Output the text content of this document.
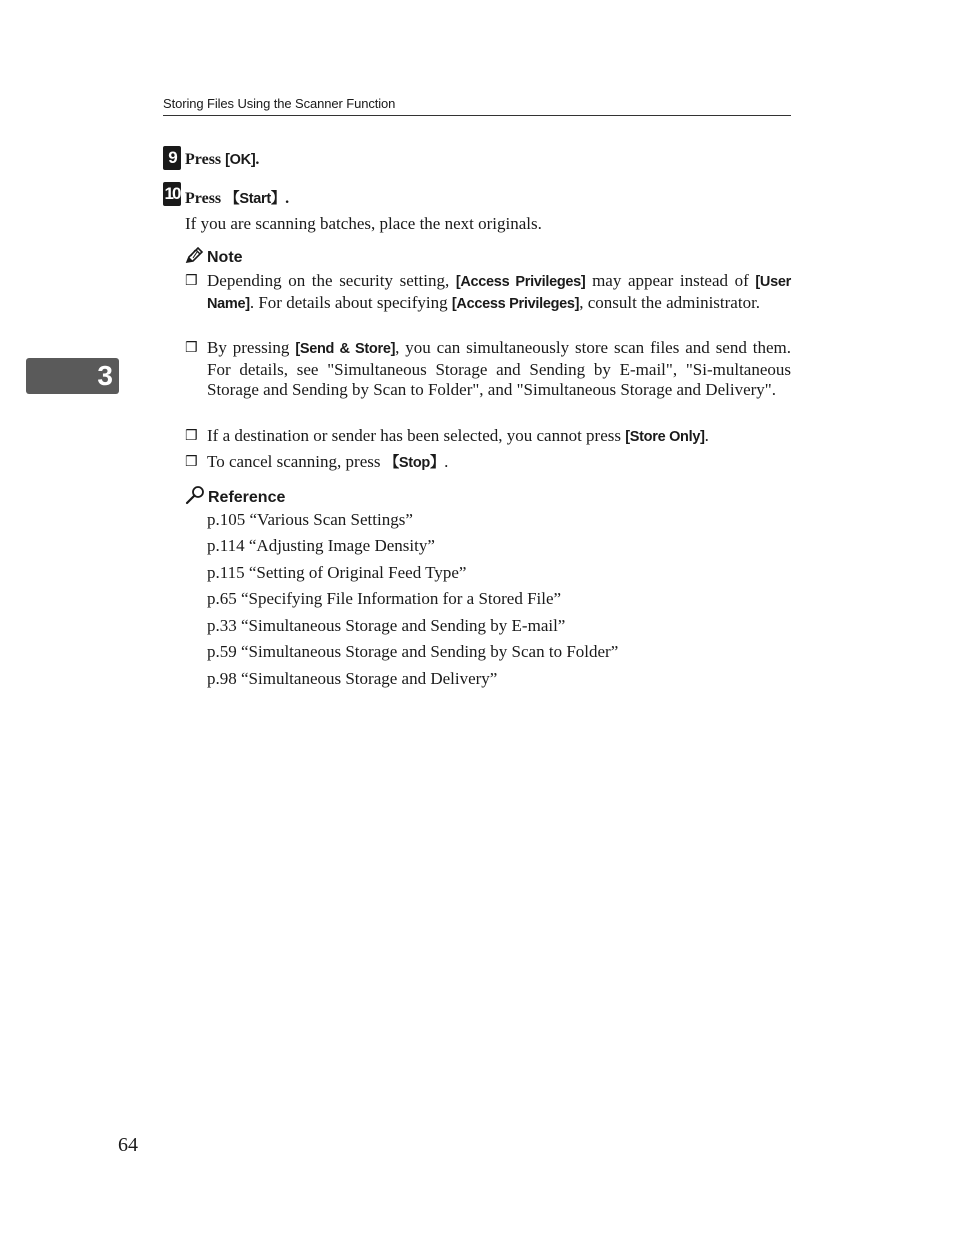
Storing Files Using the Scanner Function
9 Press [OK].
10 Press 【Start】.
If you are scanning batches, place the next originals.
Note
❒ Depending on the security setting, [Access Privileges] may appear instead of [User Name]. For details about specifying [Access Privileges], consult the administrator.
❒ By pressing [Send & Store], you can simultaneously store scan files and send them. For details, see "Simultaneous Storage and Sending by E-mail", "Si-multaneous Storage and Sending by Scan to Folder", and "Simultaneous Storage and Delivery".
❒ If a destination or sender has been selected, you cannot press [Store Only].
❒ To cancel scanning, press 【Stop】.
Reference
p.105 “Various Scan Settings”
p.114 “Adjusting Image Density”
p.115 “Setting of Original Feed Type”
p.65 “Specifying File Information for a Stored File”
p.33 “Simultaneous Storage and Sending by E-mail”
p.59 “Simultaneous Storage and Sending by Scan to Folder”
p.98 “Simultaneous Storage and Delivery”
3
64
